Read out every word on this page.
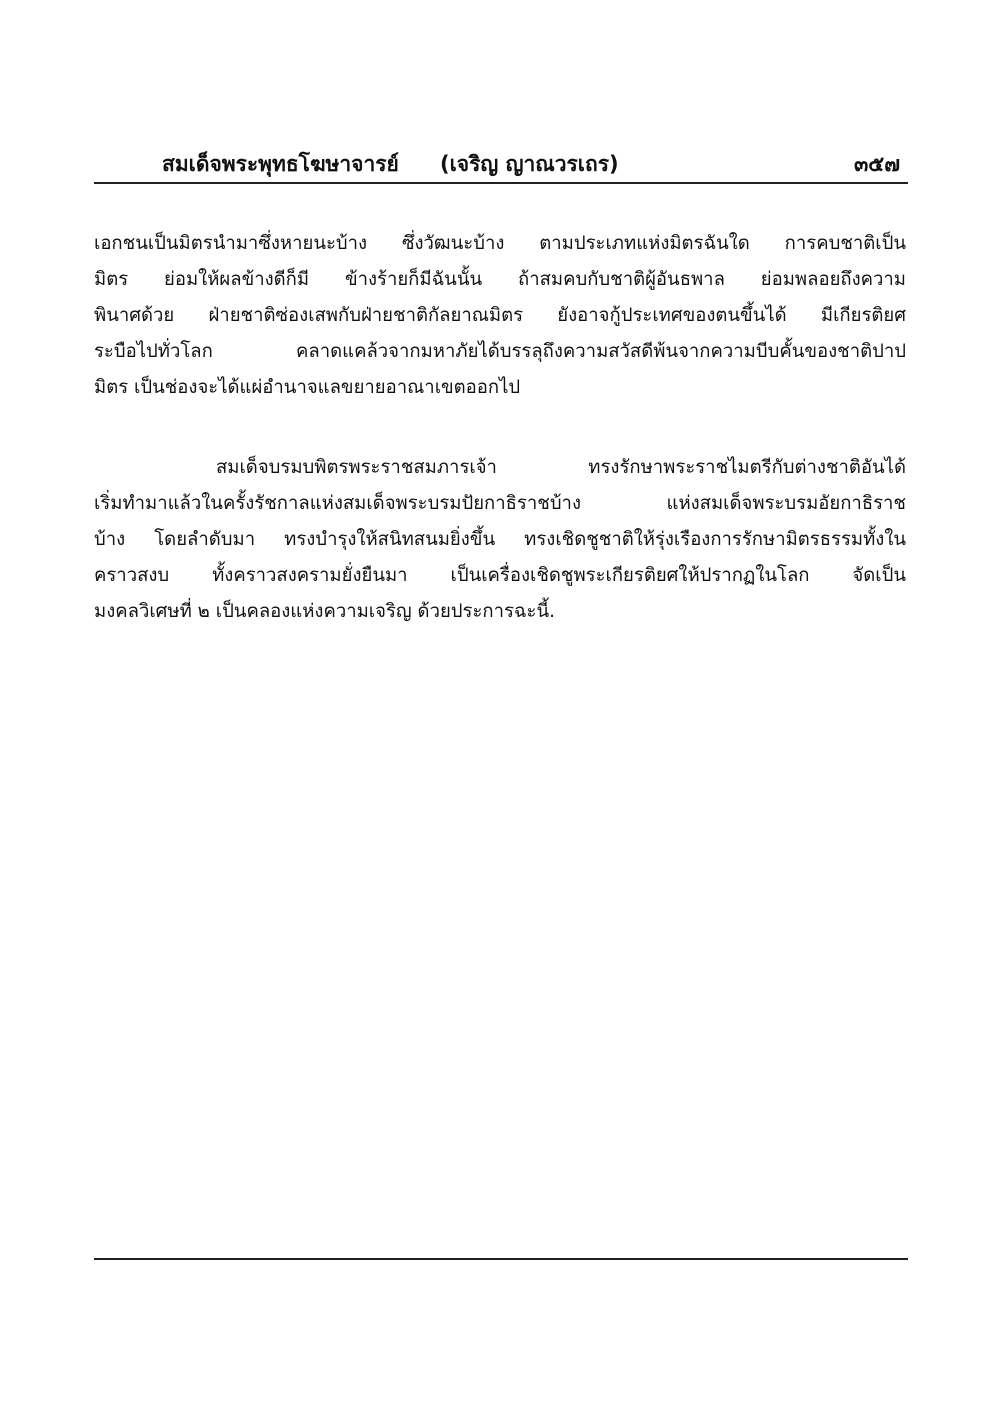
สมเด็จพระพุทธโฆษาจารย์ (เจริญ ญาณวรเถร)	๓๕๗
เอกชนเป็นมิตรนำมาซึ่งหายนะบ้าง ซึ่งวัฒนะบ้าง ตามประเภทแห่งมิตรฉันใด การคบชาติเป็น
มิตร ย่อมให้ผลข้างดีก็มี ข้างร้ายก็มีฉันนั้น ถ้าสมคบกับชาติผู้อันธพาล ย่อมพลอยถึงความ
พินาศด้วย ฝ่ายชาติซ่องเสพกับฝ่ายชาติกัลยาณมิตร ยังอาจกู้ประเทศของตนขึ้นได้ มีเกียรติยศ
ระบือไปทั่วโลก คลาดแคล้วจากมหาภัยได้บรรลุถึงความสวัสดีพ้นจากความบีบคั้นของชาติปาป
มิตร เป็นช่องจะได้แผ่อำนาจแลขยายอาณาเขตออกไป
สมเด็จบรมบพิตรพระราชสมภารเจ้า ทรงรักษาพระราชไมตรีกับต่างชาติอันได้
เริ่มทำมาแล้วในครั้งรัชกาลแห่งสมเด็จพระบรมปัยกาธิราชบ้าง แห่งสมเด็จพระบรมอัยกาธิราช
บ้าง โดยลำดับมา ทรงบำรุงให้สนิทสนมยิ่งขึ้น ทรงเชิดชูชาติให้รุ่งเรืองการรักษามิตรธรรมทั้งใน
คราวสงบ ทั้งคราวสงครามยั่งยืนมา เป็นเครื่องเชิดชูพระเกียรติยศให้ปรากฏในโลก จัดเป็น
มงคลวิเศษที่ ๒ เป็นคลองแห่งความเจริญ ด้วยประการฉะนี้.
